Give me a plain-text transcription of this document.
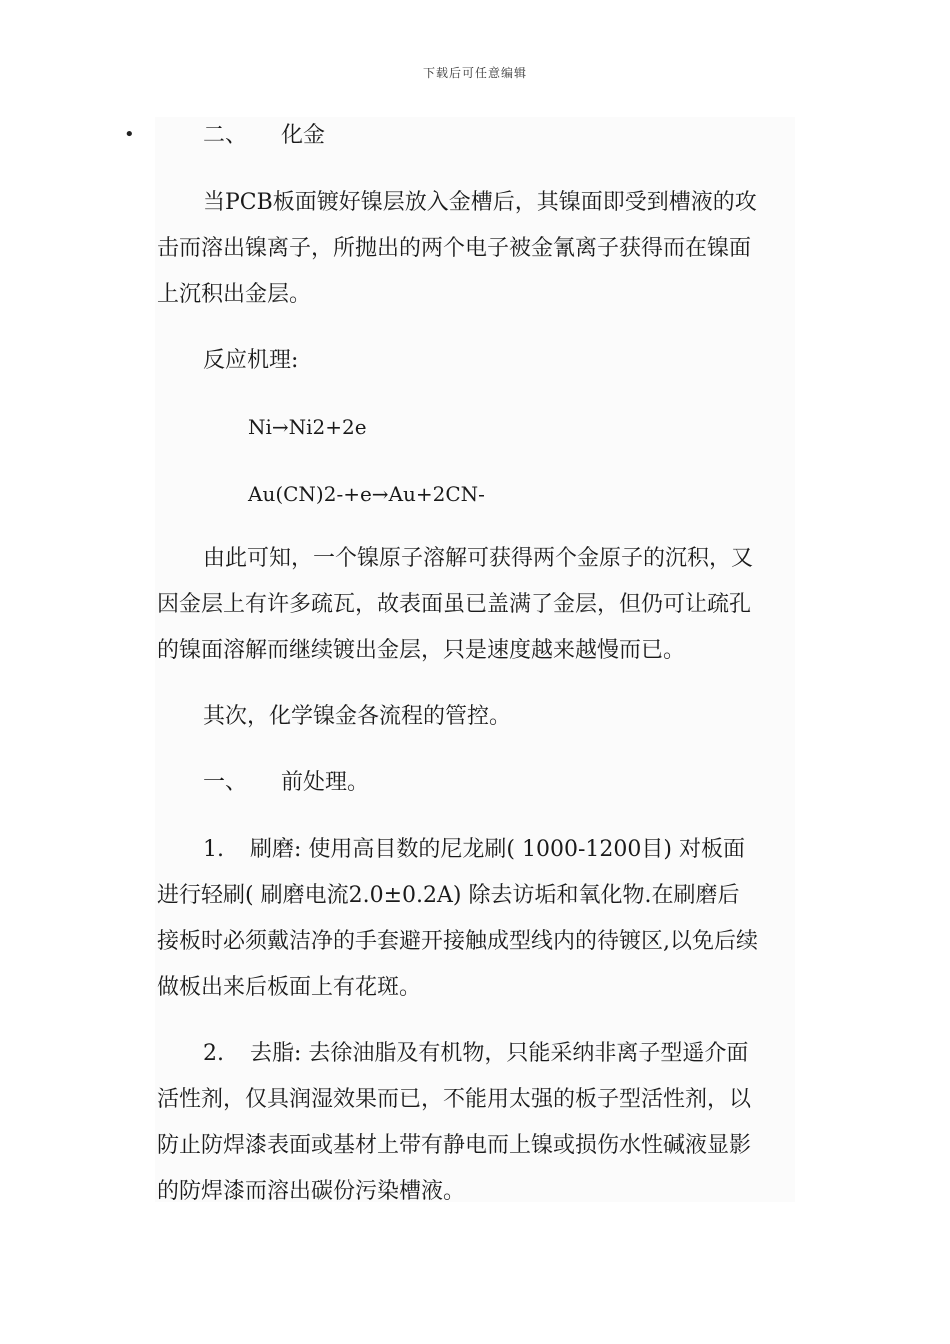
下载后可任意编辑
•	二、 化金
当PCB板面镀好镍层放入金槽后，其镍面即受到槽液的攻
击而溶出镍离子，所抛出的两个电子被金氰离子获得而在镍面
上沉积出金层。
反应机理:
Ni→Ni2+2e
Au(CN)2-+e→Au+2CN-
由此可知，一个镍原子溶解可获得两个金原子的沉积，又
因金层上有许多疏瓦，故表面虽已盖满了金层，但仍可让疏孔
的镍面溶解而继续镀出金层，只是速度越来越慢而已。
其次，化学镍金各流程的管控。
一、 前处理。
1. 刷磨: 使用高目数的尼龙刷( 1000-1200目) 对板面
进行轻刷( 刷磨电流2.0±0.2A) 除去访垢和氧化物.在刷磨后
接板时必须戴洁净的手套避开接触成型线内的待镀区,以免后续
做板出来后板面上有花斑。
2. 去脂: 去徐油脂及有机物，只能采纳非离子型遥介面
活性剂，仅具润湿效果而已，不能用太强的板子型活性剂，以
防止防焊漆表面或基材上带有静电而上镍或损伤水性碱液显影
的防焊漆而溶出碳份污染槽液。
